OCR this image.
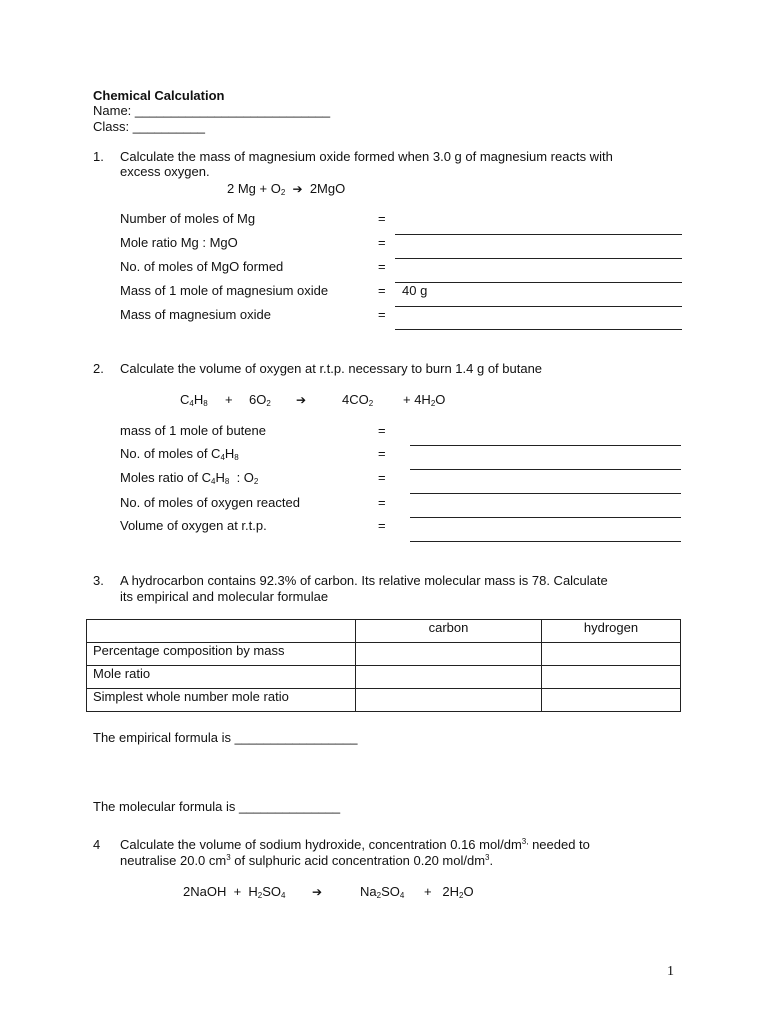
Chemical Calculation
Name: ___________________________
Class: __________
1. Calculate the mass of magnesium oxide formed when 3.0 g of magnesium reacts with
excess oxygen.
2 $Mg + O_2$ ➔ 2MgO
Number of moles of Mg	=
Mole ratio Mg : MgO	=
No. of moles of MgO formed	=
Mass of 1 mole of magnesium oxide	= 40 g
Mass of magnesium oxide	=
2. Calculate the volume of oxygen at r.t.p. necessary to burn 1.4 g of butane
$C_4H_8 + 6O_2$ ➔	$4CO_2 + 4H_2O$
mass of 1 mole of butene	=
No. of moles of $C_4H_8$	=
Moles ratio of $C_4H_8$  : $O_2$	=
No. of moles of oxygen reacted	=
Volume of oxygen at r.t.p.	=
3. A hydrocarbon contains 92.3% of carbon. Its relative molecular mass is 78. Calculate
its empirical and molecular formulae
	carbon	hydrogen
Percentage composition by mass		
Mole ratio		
Simplest whole number mole ratio		
The empirical formula is _________________
The molecular formula is ______________
4 Calculate the volume of sodium hydroxide, concentration 0.16 mol/$dm^{3,}$ needed to
neutralise 20.0 $cm^3$ of sulphuric acid concentration 0.20 mol/$dm^3$.
2NaOH  +  $H_2SO_4$ ➔	$Na_2SO_4 + 2H_2O$
1
